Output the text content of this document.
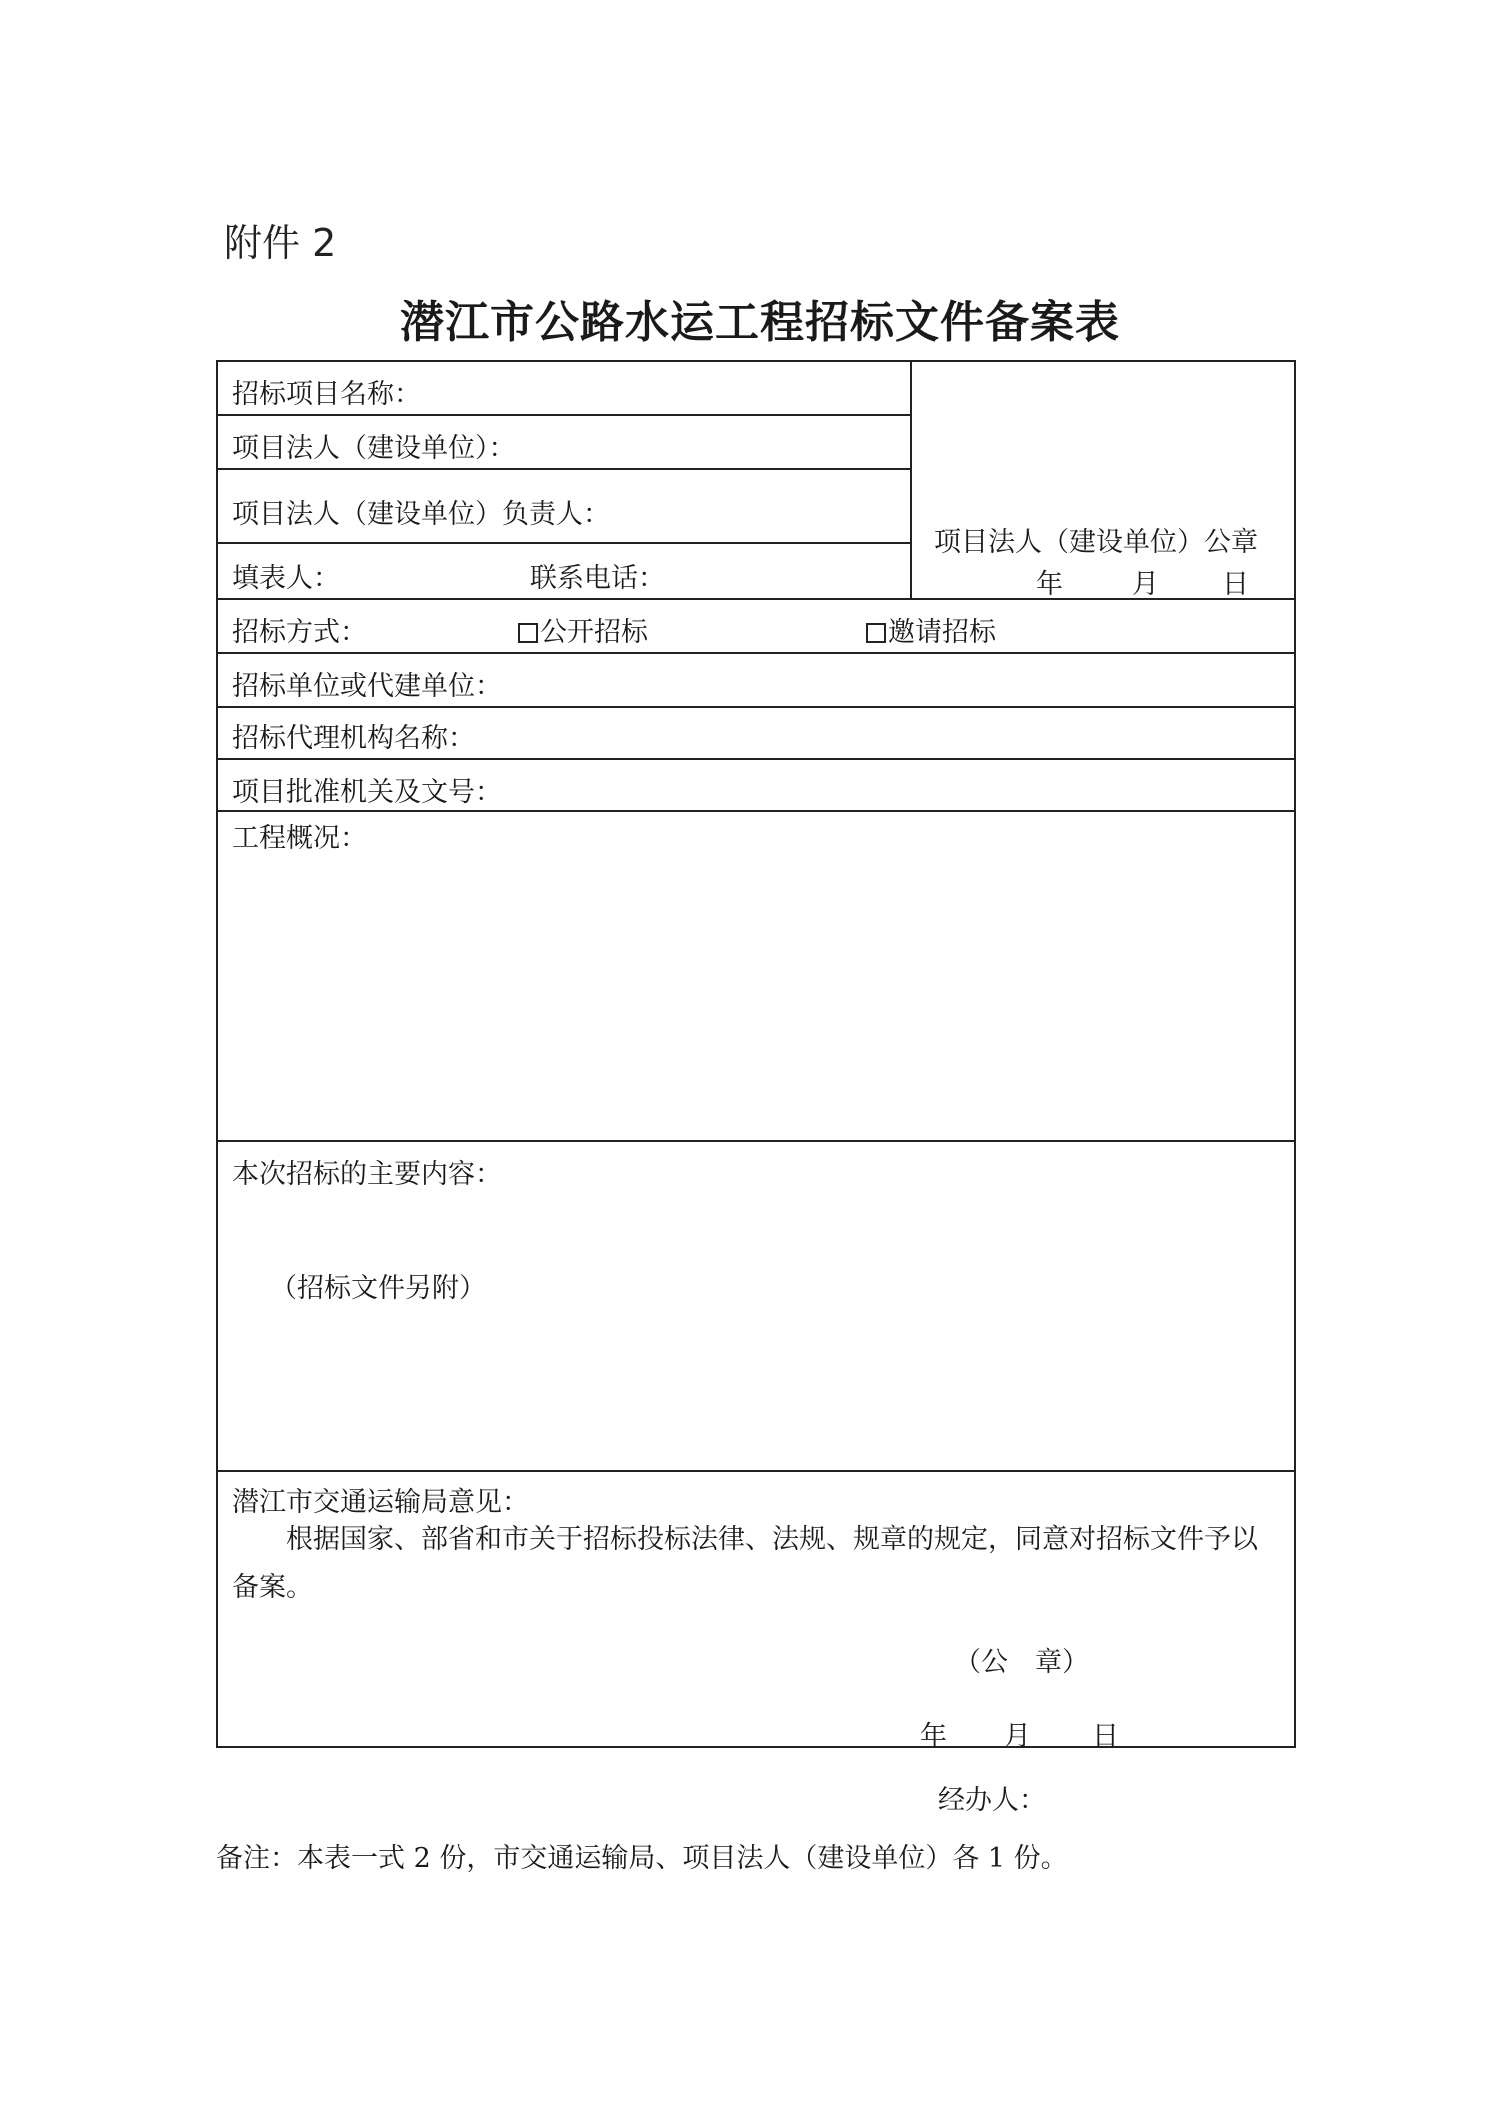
附件 2
潜江市公路水运工程招标文件备案表
招标项目名称：
项目法人（建设单位）：
项目法人（建设单位）负责人：
填表人：	联系电话：
项目法人（建设单位）公章
年	月 日
招标方式：	公开招标	邀请招标
招标单位或代建单位：
招标代理机构名称：
项目批准机关及文号：
工程概况：
本次招标的主要内容：
（招标文件另附）
潜江市交通运输局意见：
根据国家、部省和市关于招标投标法律、法规、规章的规定，同意对招标文件予以备案。
（公　章）
年 月 日
经办人：
备注：本表一式 2 份，市交通运输局、项目法人（建设单位）各 1 份。
